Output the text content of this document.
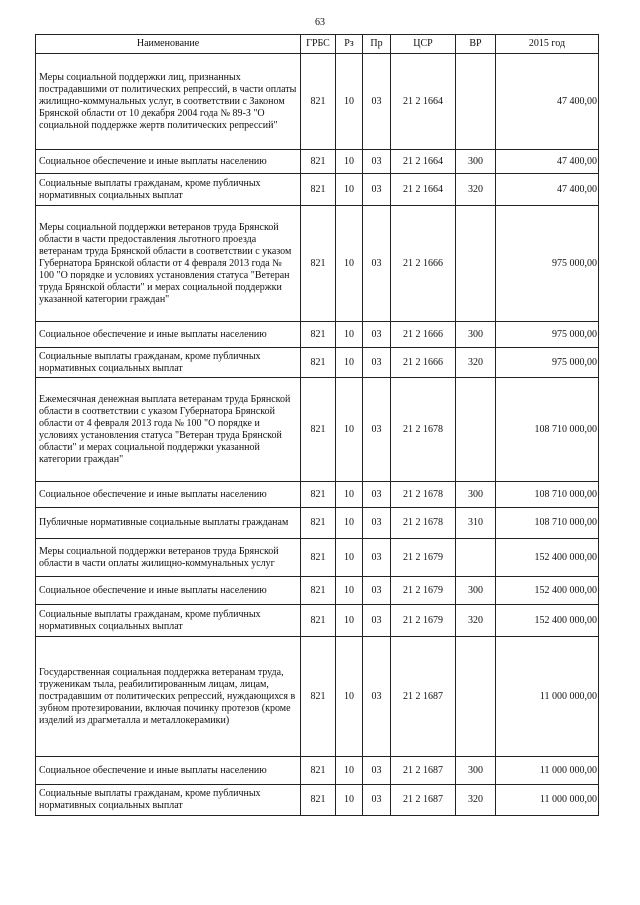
63
Наименование	ГРБС	Рз	Пр	ЦСР	ВР	2015 год
Меры социальной поддержки лиц, признанных пострадавшими от политических репрессий, в части оплаты жилищно-коммунальных услуг, в соответствии с Законом Брянской области от 10 декабря 2004 года № 89-З "О социальной поддержке жертв политических репрессий"	821	10	03	21 2 1664		47 400,00
Социальное обеспечение и иные выплаты населению	821	10	03	21 2 1664	300	47 400,00
Социальные выплаты гражданам, кроме публичных нормативных социальных выплат	821	10	03	21 2 1664	320	47 400,00
Меры социальной поддержки ветеранов труда Брянской области в части предоставления льготного проезда ветеранам труда Брянской области в соответствии с указом Губернатора Брянской области от 4 февраля 2013 года № 100 "О порядке и условиях установления статуса "Ветеран труда Брянской области" и мерах социальной поддержки указанной категории граждан"	821	10	03	21 2 1666		975 000,00
Социальное обеспечение и иные выплаты населению	821	10	03	21 2 1666	300	975 000,00
Социальные выплаты гражданам, кроме публичных нормативных социальных выплат	821	10	03	21 2 1666	320	975 000,00
Ежемесячная денежная выплата ветеранам труда Брянской области в соответствии с указом Губернатора Брянской области от 4 февраля 2013 года № 100 "О порядке и условиях установления статуса "Ветеран труда Брянской области" и мерах социальной поддержки указанной категории граждан"	821	10	03	21 2 1678		108 710 000,00
Социальное обеспечение и иные выплаты населению	821	10	03	21 2 1678	300	108 710 000,00
Публичные нормативные социальные выплаты гражданам	821	10	03	21 2 1678	310	108 710 000,00
Меры социальной поддержки ветеранов труда Брянской области в части оплаты жилищно-коммунальных услуг	821	10	03	21 2 1679		152 400 000,00
Социальное обеспечение и иные выплаты населению	821	10	03	21 2 1679	300	152 400 000,00
Социальные выплаты гражданам, кроме публичных нормативных социальных выплат	821	10	03	21 2 1679	320	152 400 000,00
Государственная социальная поддержка ветеранам труда, труженикам тыла, реабилитированным лицам, лицам, пострадавшим от политических репрессий, нуждающихся в зубном протезировании, включая починку протезов (кроме изделий из драгметалла и металлокерамики)	821	10	03	21 2 1687		11 000 000,00
Социальное обеспечение и иные выплаты населению	821	10	03	21 2 1687	300	11 000 000,00
Социальные выплаты гражданам, кроме публичных нормативных социальных выплат	821	10	03	21 2 1687	320	11 000 000,00
